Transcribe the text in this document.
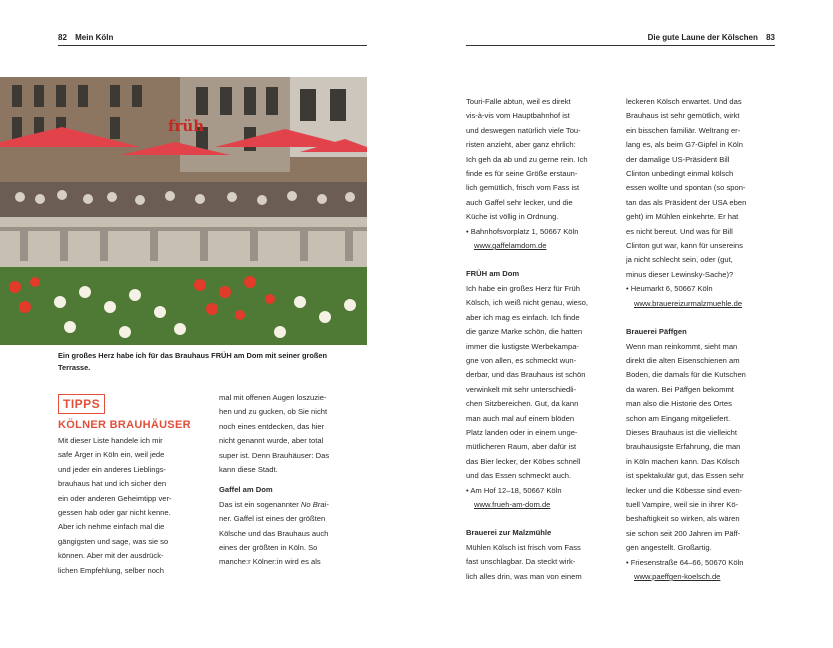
82 Mein Köln	Die gute Laune der Kölschen 83
früh
Ein großes Herz habe ich für das Brauhaus FRÜH am Dom mit seiner großen Terrasse.
TIPPS
KÖLNER BRAUHÄUSER

Mit dieser Liste handele ich mir

safe Ärger in Köln ein, weil jede

und jeder ein anderes Lieblings-

brauhaus hat und ich sicher den

ein oder anderen Geheimtipp ver-

gessen hab oder gar nicht kenne.

Aber ich nehme einfach mal die

gängigsten und sage, was sie so

können. Aber mit der ausdrück-

lichen Empfehlung, selber noch

mal mit offenen Augen loszuzie-

hen und zu gucken, ob Sie nicht

noch eines entdecken, das hier

nicht genannt wurde, aber total

super ist. Denn Brauhäuser: Das

kann diese Stadt.

Gaffel am Dom

Das ist ein sogenannter No Brai-

ner. Gaffel ist eines der größten

Kölsche und das Brauhaus auch

eines der größten in Köln. So

manche:r Kölner:in wird es als

Touri-Falle abtun, weil es direkt

vis-à-vis vom Hauptbahnhof ist

und deswegen natürlich viele Tou-

risten anzieht, aber ganz ehrlich:

Ich geh da ab und zu gerne rein. Ich

finde es für seine Größe erstaun-

lich gemütlich, frisch vom Fass ist

auch Gaffel sehr lecker, und die

Küche ist völlig in Ordnung.

• Bahnhofsvorplatz 1, 50667 Köln

www.gaffelamdom.de

FRÜH am Dom

Ich habe ein großes Herz für Früh

Kölsch, ich weiß nicht genau, wieso,

aber ich mag es einfach. Ich finde

die ganze Marke schön, die hatten

immer die lustigste Werbekampa-

gne von allen, es schmeckt wun-

derbar, und das Brauhaus ist schön

verwinkelt mit sehr unterschiedli-

chen Sitzbereichen. Gut, da kann

man auch mal auf einem blöden

Platz landen oder in einem unge-

mütlicheren Raum, aber dafür ist

das Bier lecker, der Köbes schnell

und das Essen schmeckt auch.

• Am Hof 12–18, 50667 Köln

www.frueh-am-dom.de

Brauerei zur Malzmühle

Mühlen Kölsch ist frisch vom Fass

fast unschlagbar. Da steckt wirk-

lich alles drin, was man von einem

leckeren Kölsch erwartet. Und das

Brauhaus ist sehr gemütlich, wirkt

ein bisschen familiär. Weltrang er-

lang es, als beim G7-Gipfel in Köln

der damalige US-Präsident Bill

Clinton unbedingt einmal kölsch

essen wollte und spontan (so spon-

tan das als Präsident der USA eben

geht) im Mühlen einkehrte. Er hat

es nicht bereut. Und was für Bill

Clinton gut war, kann für unsereins

ja nicht schlecht sein, oder (gut,

minus dieser Lewinsky-Sache)?

• Heumarkt 6, 50667 Köln

www.brauereizurmalzmuehle.de

Brauerei Päffgen

Wenn man reinkommt, sieht man

direkt die alten Eisenschienen am

Boden, die damals für die Kutschen

da waren. Bei Päffgen bekommt

man also die Historie des Ortes

schon am Eingang mitgeliefert.

Dieses Brauhaus ist die vielleicht

brauhausigste Erfahrung, die man

in Köln machen kann. Das Kölsch

ist spektakulär gut, das Essen sehr

lecker und die Köbesse sind even-

tuell Vampire, weil sie in ihrer Kö-

beshaftigkeit so wirken, als wären

sie schon seit 200 Jahren im Päff-

gen angestellt. Großartig.

• Friesenstraße 64–66, 50670 Köln

www.paeffgen-koelsch.de
